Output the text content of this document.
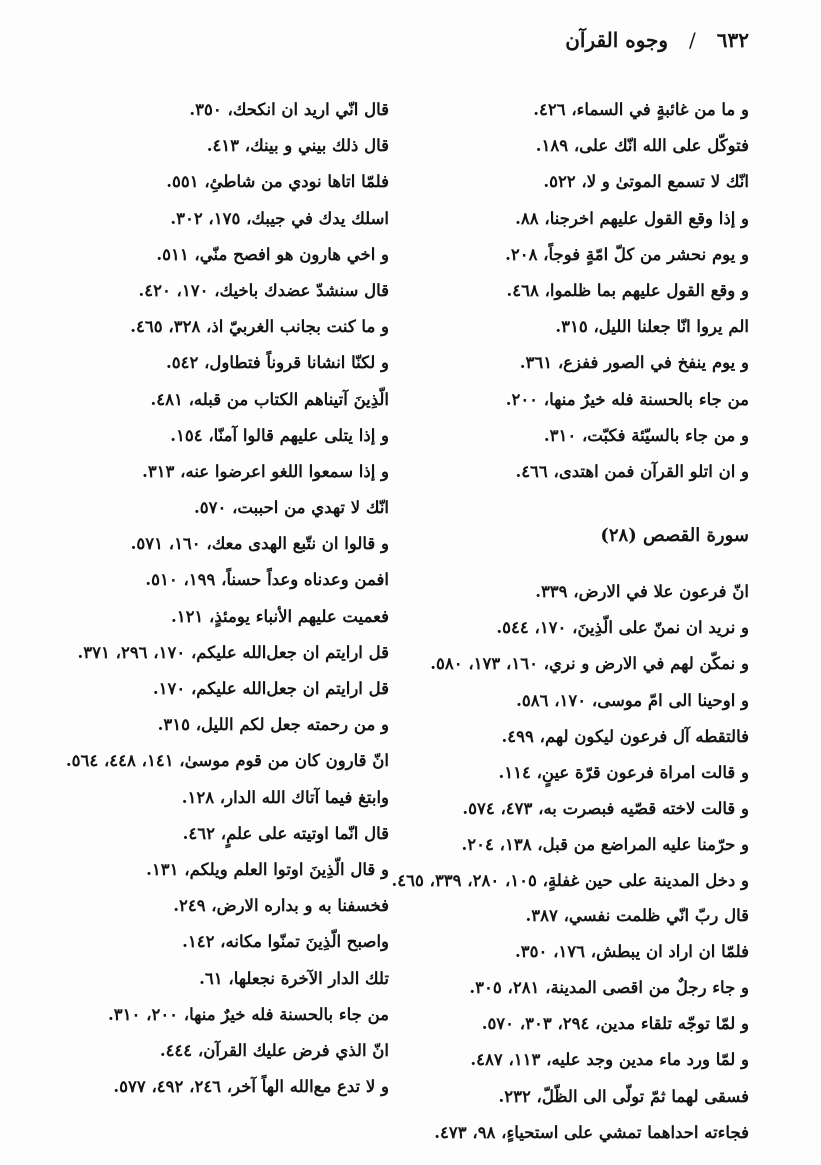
٦٣٢ / وجوه القرآن
و ما من غائبةٍ في السماء، ٤٢٦.
فتوكّل على الله انّك على، ١٨٩.
انّك لا تسمع الموتىٰ و لا، ٥٢٢.
و إذا وقع القول عليهم اخرجنا، ٨٨.
و يوم نحشر من كلّ امّةٍ فوجاً، ٢٠٨.
و وقع القول عليهم بما ظلموا، ٤٦٨.
الم يروا انّا جعلنا الليل، ٣١٥.
و يوم ينفخ في الصور ففزع، ٣٦١.
من جاء بالحسنة فله خيرٌ منها، ٢٠٠.
و من جاء بالسيّئة فكبّت، ٣١٠.
و ان اتلو القرآن فمن اهتدى، ٤٦٦.
سورة القصص (٢٨)
انّ فرعون علا في الارض، ٣٣٩.
و نريد ان نمنّ على الّذِينَ، ١٧٠، ٥٤٤.
و نمكّن لهم في الارض و نري، ١٦٠، ١٧٣، ٥٨٠.
و اوحينا الى امّ موسى، ١٧٠، ٥٨٦.
فالتقطه آل فرعون ليكون لهم، ٤٩٩.
و قالت امراة فرعون قرّة عينٍ، ١١٤.
و قالت لاخته قصّيه فبصرت به، ٤٧٣، ٥٧٤.
و حرّمنا عليه المراضع من قبل، ١٣٨، ٢٠٤.
و دخل المدينة على حين غفلةٍ، ١٠٥، ٢٨٠، ٣٣٩، ٤٦٥.
قال ربّ انّي ظلمت نفسي، ٣٨٧.
فلمّا ان اراد ان يبطش، ١٧٦، ٣٥٠.
و جاء رجلٌ من اقصى المدينة، ٢٨١، ٣٠٥.
و لمّا توجّه تلقاء مدين، ٢٩٤، ٣٠٣، ٥٧٠.
و لمّا ورد ماء مدين وجد عليه، ١١٣، ٤٨٧.
فسقى لهما ثمّ تولّى الى الظّلّ، ٢٣٢.
فجاءته احداهما تمشي على استحياءٍ، ٩٨، ٤٧٣.
قال انّي اريد ان انكحك، ٣٥٠.
قال ذلك بيني و بينك، ٤١٣.
فلمّا اتاها نودي من شاطئِ، ٥٥١.
اسلك يدك في جيبك، ١٧٥، ٣٠٢.
و اخي هارون هو افصح منّي، ٥١١.
قال سنشدّ عضدك باخيك، ١٧٠، ٤٢٠.
و ما كنت بجانب الغربيّ اذ، ٣٢٨، ٤٦٥.
و لكنّا انشانا قروناً فتطاول، ٥٤٢.
الّذِينَ آتيناهم الكتاب من قبله، ٤٨١.
و إذا يتلى عليهم قالوا آمنّا، ١٥٤.
و إذا سمعوا اللغو اعرضوا عنه، ٣١٣.
انّك لا تهدي من احببت، ٥٧٠.
و قالوا ان نتّبع الهدى معك، ١٦٠، ٥٧١.
افمن وعدناه وعداً حسناً، ١٩٩، ٥١٠.
فعميت عليهم الأنباء يومئذٍ، ١٢١.
قل ارايتم ان جعل‌الله عليكم، ١٧٠، ٢٩٦، ٣٧١.
قل ارايتم ان جعل‌الله عليكم، ١٧٠.
و من رحمته جعل لكم الليل، ٣١٥.
انّ قارون كان من قوم موسىٰ، ١٤١، ٤٤٨، ٥٦٤.
وابتغ فيما آتاك الله الدار، ١٢٨.
قال انّما اوتيته على علمٍ، ٤٦٢.
و قال الّذِينَ اوتوا العلم ويلكم، ١٣١.
فخسفنا به و بداره الارض، ٢٤٩.
واصبح الّذِينَ تمنّوا مكانه، ١٤٢.
تلك الدار الآخرة نجعلها، ٦١.
من جاء بالحسنة فله خيرٌ منها، ٢٠٠، ٣١٠.
انّ الذي فرض عليك القرآن، ٤٤٤.
و لا تدع مع‌الله الهاً آخر، ٢٤٦، ٤٩٢، ٥٧٧.
